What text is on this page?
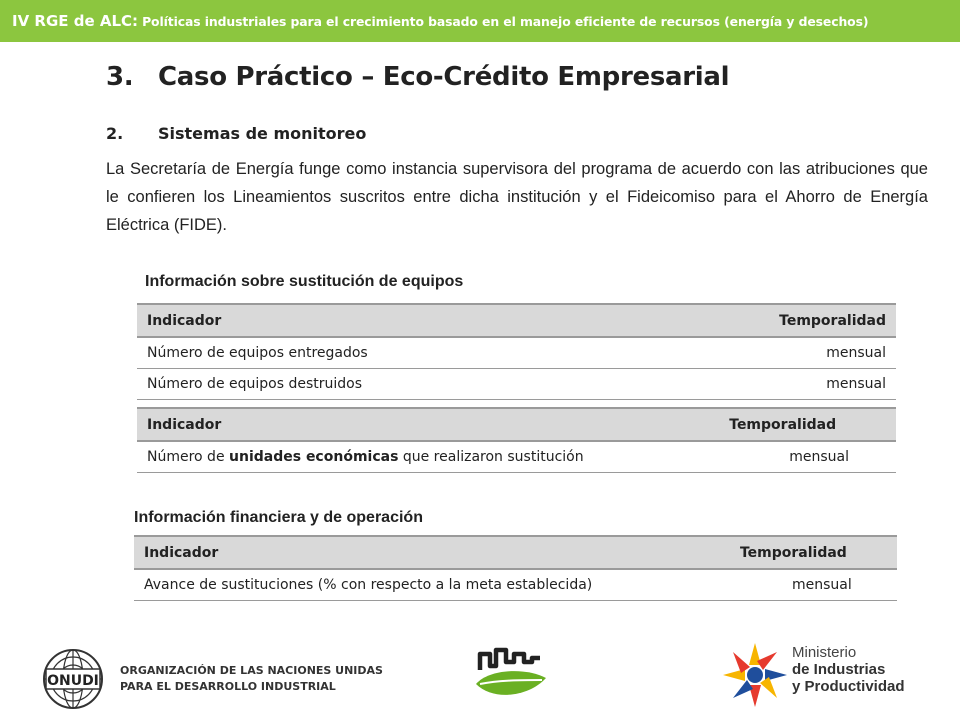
IV RGE de ALC: Políticas industriales para el crecimiento basado en el manejo eficiente de recursos (energía y desechos)
3. Caso Práctico – Eco-Crédito Empresarial
2. Sistemas de monitoreo
La Secretaría de Energía funge como instancia supervisora del programa de acuerdo con las atribuciones que le confieren los Lineamientos suscritos entre dicha institución y el Fideicomiso para el Ahorro de Energía Eléctrica (FIDE).
Información sobre sustitución de equipos
Indicador	Temporalidad
Número de equipos entregados	mensual
Número de equipos destruidos	mensual
Indicador	Temporalidad
Número de unidades económicas que realizaron sustitución	mensual
Información financiera y de operación
Indicador	Temporalidad
Avance de sustituciones (% con respecto a la meta establecida)	mensual
ONUDI
ORGANIZACIÓN DE LAS NACIONES UNIDAS
PARA EL DESARROLLO INDUSTRIAL
Ministerio
de Industrias
y Productividad
